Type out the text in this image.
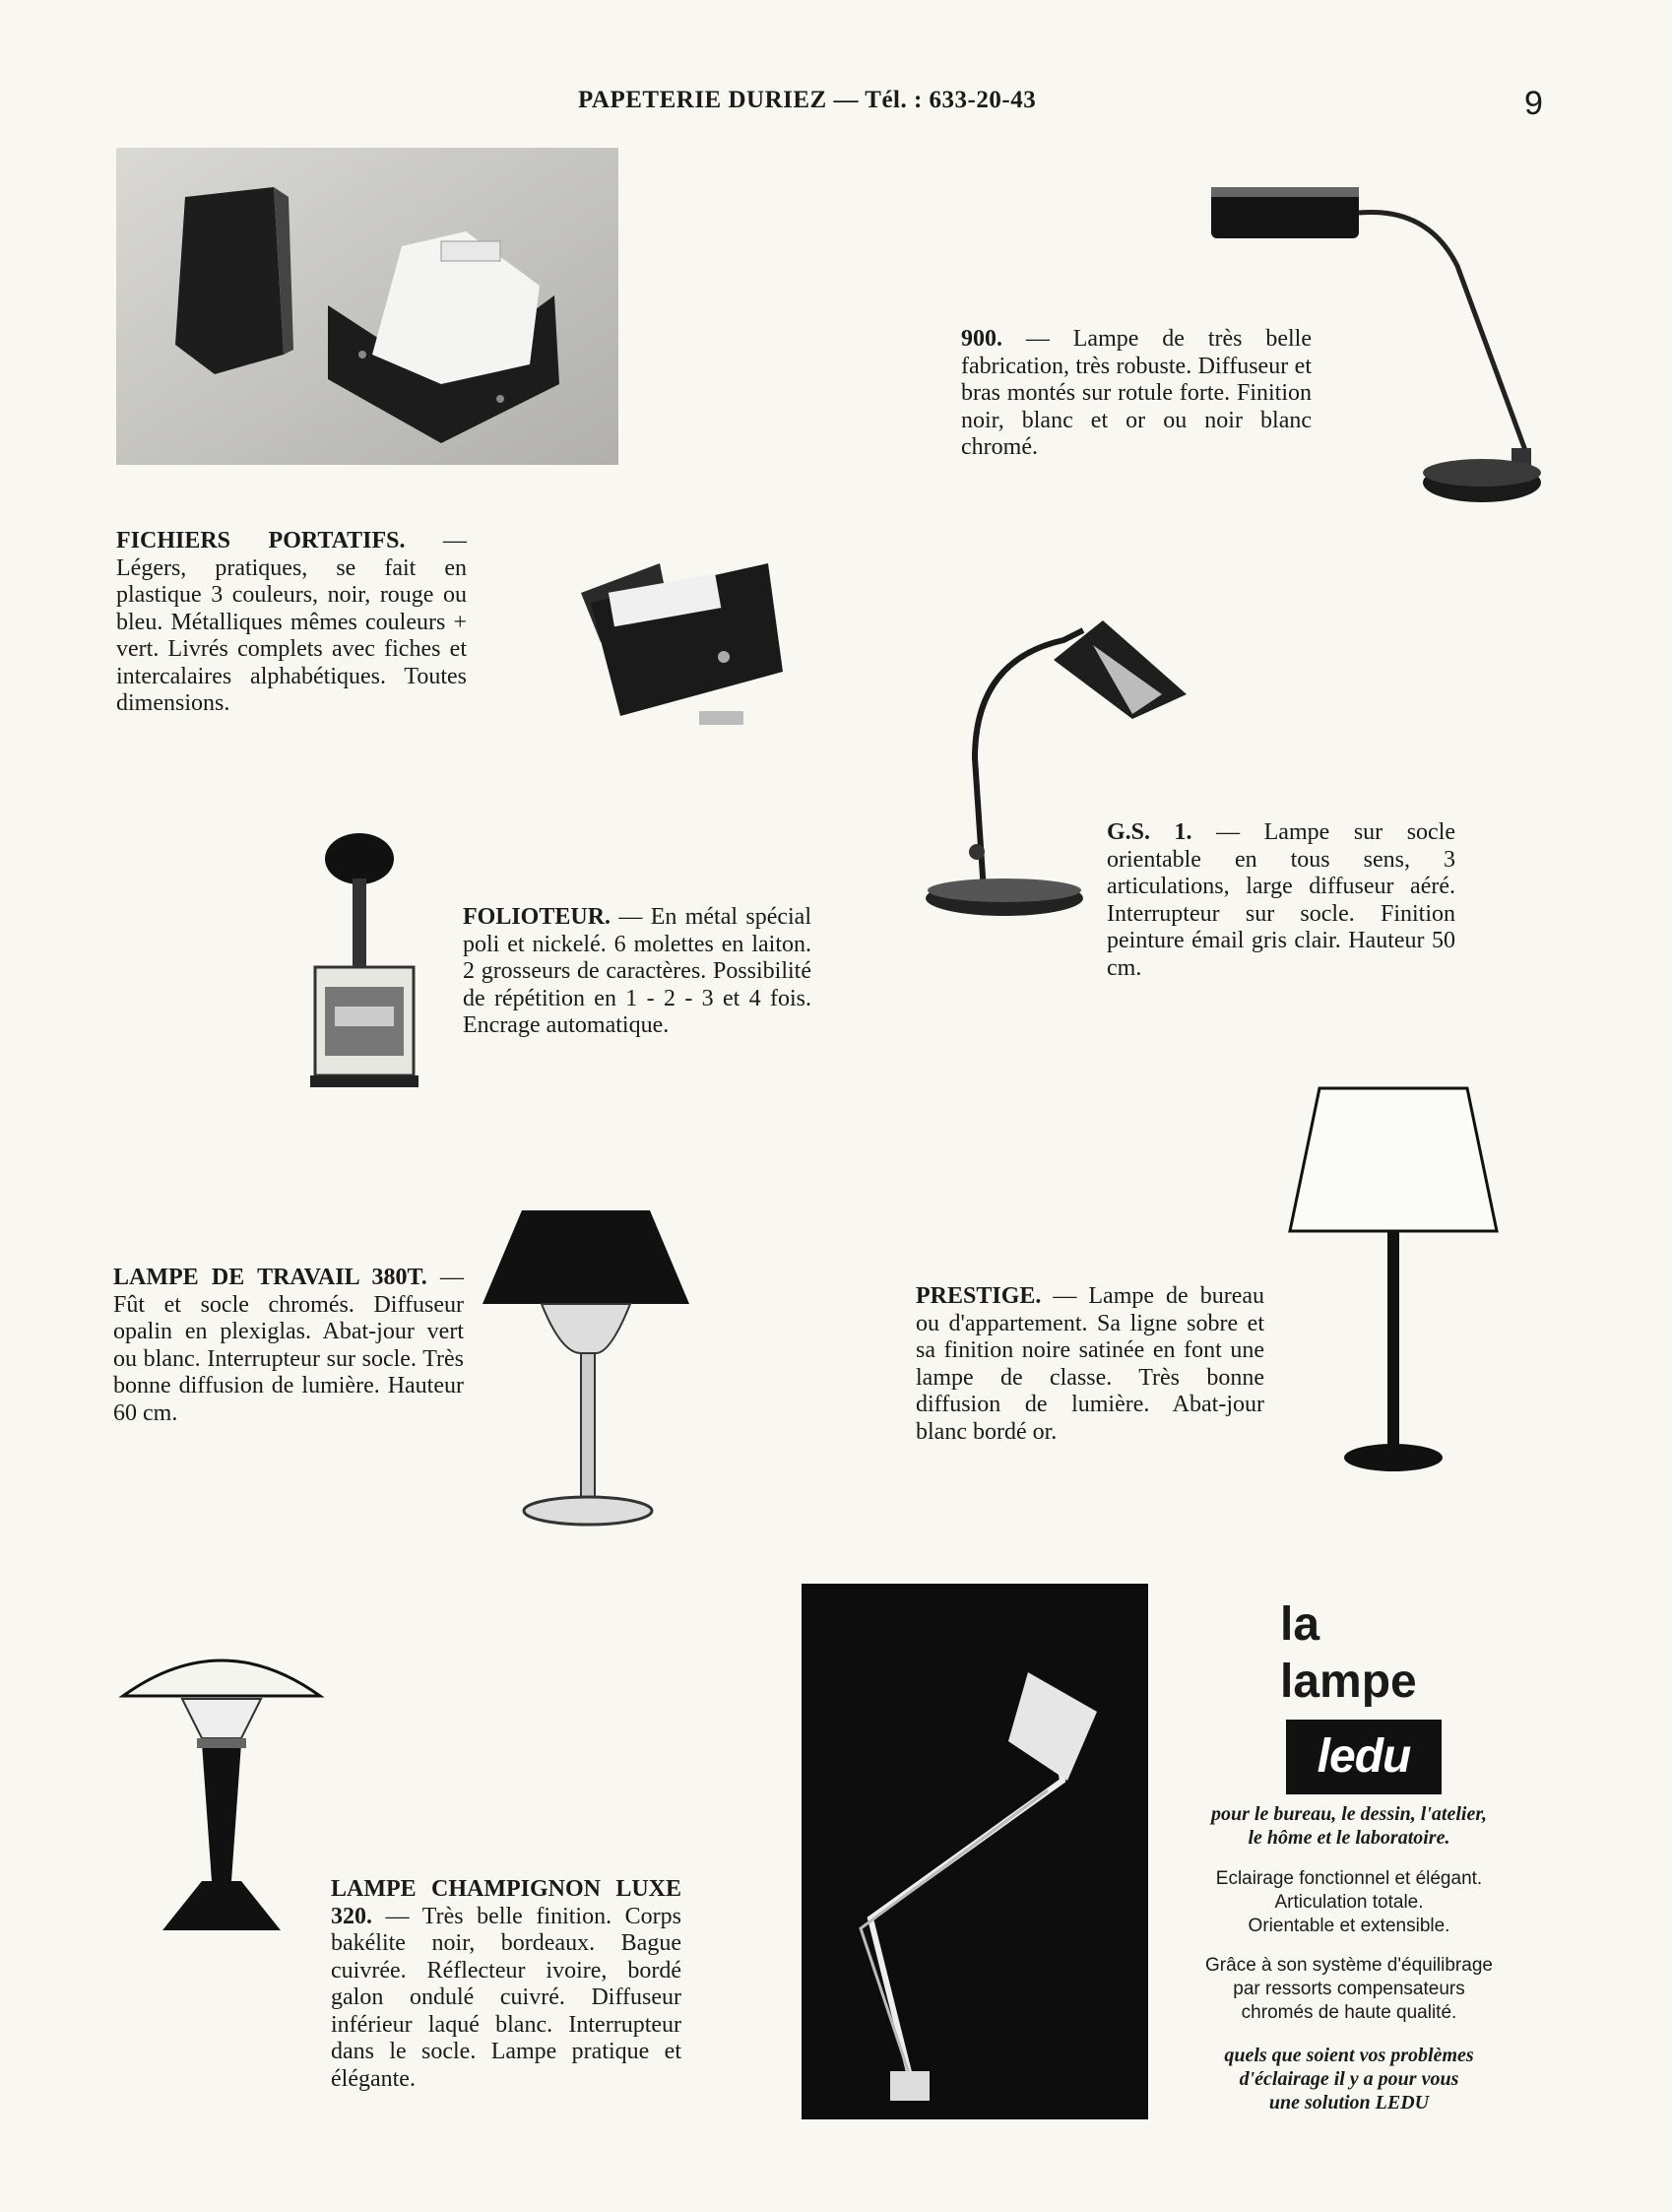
PAPETERIE DURIEZ — Tél. : 633-20-43	9
900. — Lampe de très belle fabrication, très robuste. Diffuseur et bras montés sur rotule forte. Finition noir, blanc et or ou noir blanc chromé.
FICHIERS PORTATIFS. — Légers, pratiques, se fait en plastique 3 couleurs, noir, rouge ou bleu. Métalliques mêmes couleurs + vert. Livrés complets avec fiches et intercalaires alphabétiques. Toutes dimensions.
G.S. 1. — Lampe sur socle orientable en tous sens, 3 articulations, large diffuseur aéré. Interrupteur sur socle. Finition peinture émail gris clair. Hauteur 50 cm.
FOLIOTEUR. — En métal spécial poli et nickelé. 6 molettes en laiton. 2 grosseurs de caractères. Possibilité de répétition en 1 - 2 - 3 et 4 fois. Encrage automatique.
PRESTIGE. — Lampe de bureau ou d'appartement. Sa ligne sobre et sa finition noire satinée en font une lampe de classe. Très bonne diffusion de lumière. Abat-jour blanc bordé or.
LAMPE DE TRAVAIL 380T. — Fût et socle chromés. Diffuseur opalin en plexiglas. Abat-jour vert ou blanc. Interrupteur sur socle. Très bonne diffusion de lumière. Hauteur 60 cm.
LAMPE CHAMPIGNON LUXE 320. — Très belle finition. Corps bakélite noir, bordeaux. Bague cuivrée. Réflecteur ivoire, bordé galon ondulé cuivré. Diffuseur inférieur laqué blanc. Interrupteur dans le socle. Lampe pratique et élégante.
la
lampe
ledu
pour le bureau, le dessin, l'atelier,
le hôme et le laboratoire.
Eclairage fonctionnel et élégant.
Articulation totale.
Orientable et extensible.
Grâce à son système d'équilibrage
par ressorts compensateurs
chromés de haute qualité.
quels que soient vos problèmes
d'éclairage il y a pour vous
une solution LEDU
